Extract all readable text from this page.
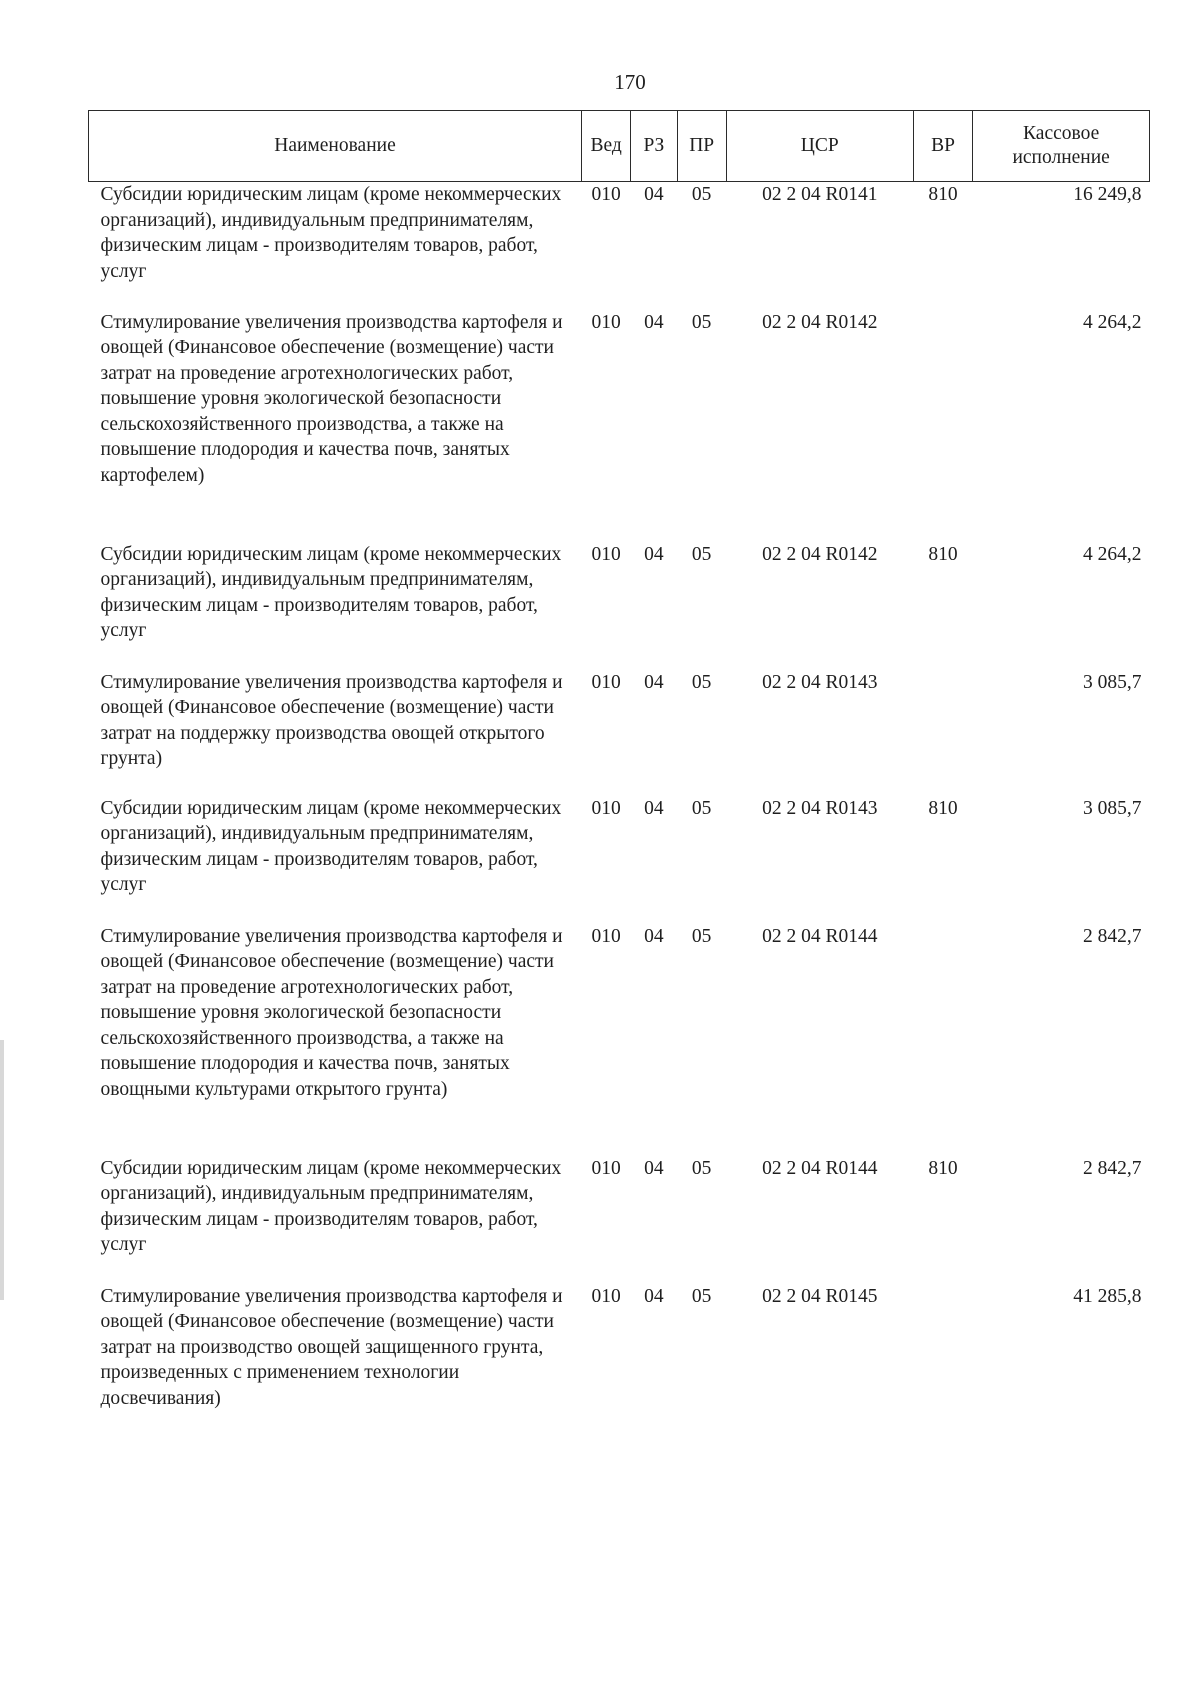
170
Наименование	Вед	РЗ	ПР	ЦСР	ВР	Кассовое исполнение
Субсидии юридическим лицам (кроме некоммерческих организаций), индивидуальным предпринимателям, физическим лицам - производителям товаров, работ, услуг	010	04	05	02 2 04 R0141	810	16 249,8
Стимулирование увеличения производства картофеля и овощей (Финансовое обеспечение (возмещение) части затрат на проведение агротехнологических работ, повышение уровня экологической безопасности сельскохозяйственного производства, а также на повышение плодородия и качества почв, занятых картофелем)	010	04	05	02 2 04 R0142		4 264,2
Субсидии юридическим лицам (кроме некоммерческих организаций), индивидуальным предпринимателям, физическим лицам - производителям товаров, работ, услуг	010	04	05	02 2 04 R0142	810	4 264,2
Стимулирование увеличения производства картофеля и овощей (Финансовое обеспечение (возмещение) части затрат на поддержку производства овощей открытого грунта)	010	04	05	02 2 04 R0143		3 085,7
Субсидии юридическим лицам (кроме некоммерческих организаций), индивидуальным предпринимателям, физическим лицам - производителям товаров, работ, услуг	010	04	05	02 2 04 R0143	810	3 085,7
Стимулирование увеличения производства картофеля и овощей (Финансовое обеспечение (возмещение) части затрат на проведение агротехнологических работ, повышение уровня экологической безопасности сельскохозяйственного производства, а также на повышение плодородия и качества почв, занятых овощными культурами открытого грунта)	010	04	05	02 2 04 R0144		2 842,7
Субсидии юридическим лицам (кроме некоммерческих организаций), индивидуальным предпринимателям, физическим лицам - производителям товаров, работ, услуг	010	04	05	02 2 04 R0144	810	2 842,7
Стимулирование увеличения производства картофеля и овощей (Финансовое обеспечение (возмещение) части затрат на производство овощей защищенного грунта, произведенных с применением технологии досвечивания)	010	04	05	02 2 04 R0145		41 285,8
